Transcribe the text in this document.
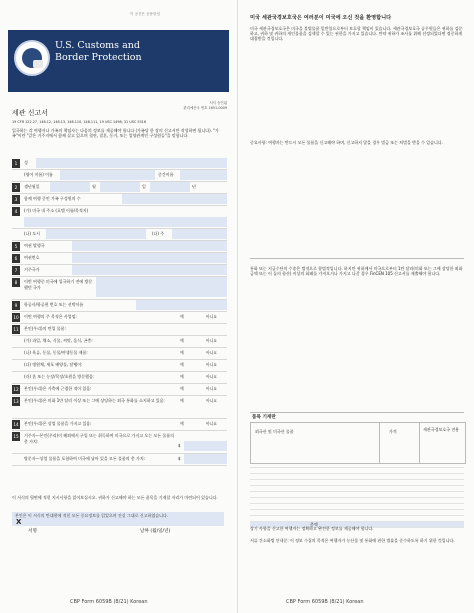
이 공간은 공용란임
U.S. Customs and
Border Protection
세관 신고서
서식 승인됨
관리예산국 번호 1651-0009
19 CFR 122.27, 148.12, 148.13, 148.110, 148.111, 19 USC 1498; 31 USC 5316
입국하는 각 여행자나 가족의 책임자는 다음의 정보를 제공해야 합니다 (가족당 한 장의 신고서만 작성하면 됩니다). "가족"이란 "같은 거주지에서 함께 살고 있으며 혈연, 결혼, 동거, 또는 입양관계인 구성원들"을 말합니다.
1	성
(영어 이름) 이름	중간이름
2	생년월일	월	일	년
3	함께 여행 중인 가족 구성원의 수
4	(가) 미국 내 주소 (호텔 이름/목적지)
(나) 도시	(다) 주
5	여권 발행국
6	여권번호
7	거주국가
8	이번 여행중 미국에 입국하기 전에 방문했던 국가
9	항공사/항공편 번호 또는 선박이름
10	이번 여행의 주 목적은 사업임:	예	아니요
11	본인(우리)의 반입 물품:
(가) 과일, 채소, 식물, 씨앗, 음식, 곤충:	예	아니요
(나) 육류, 동물, 동물/야생동물 제품:	예	아니요
(다) 병원체, 세포 배양물, 달팽이:	예	아니요
(라) 흙 또는 농장/목장/초원을 방문했음:	예	아니요
12	본인(우리)은 가축에 근접한 적이 있음:	예	아니요
13	본인(우리)은 미화 1만 달러 이상 또는 그에 상당하는 외국 통화를 소지하고 있음:	예	아니요
14	본인(우리)은 상업 물품을 가지고 있음:	예	아니요
15	거주자—본인(우리)이 해외에서 구입 또는 취득하여 미국으로 가지고 오는 모든 물품의 총 가치:
$
방문자—상업 물품을 포함하여 미국에 남아 있을 모든 물품의 총 가치:	$
이 서식의 뒷면에 적힌 지시사항을 읽어보십시오. 귀하가 신고해야 하는 모든 품목을 기재할 자리가 마련되어 있습니다.
본인은 이 서식의 반대편에 적힌 모든 중요정보를 읽었으며 진실 그대로 신고하였습니다.
X
서명	날짜 (월/일/년)
CBP Form 6059B (8/21) Korean
미국 세관국경보호국은 여러분이 미국에 오신 것을 환영합니다
미국 세관국경보호국은 미국을 불법물품 밀반입으로부터 보호할 책임이 있습니다. 세관국경보호국 공무원들은 귀하를 검문하고, 귀하 및 귀하의 개인물품을 검색할 수 있는 권한을 가지고 있습니다. 만약 귀하가 조사를 위해 선정되었다면 정중하게 대접받을 것입니다.
중요사항: 여행자는 반드시 모든 물품을 신고해야 하며, 신고하지 않을 경우 벌금 또는 처벌을 받을 수 있습니다.
통화 또는 지급수단의 수송은 법적으로 합법적입니다. 하지만 귀하께서 미국으로부터 1만 달러(미화 또는 그에 상당한 외화금액 또는 이 둘의 합산) 이상의 화폐를 가져오거나 가지고 나갈 경우 FinCEN 105 신고서를 제출해야 합니다.
품목 기재란
외국산 및 미국산 물품	가격	세관국경보호국 전용
총액
상기 사항을 신고한 여행자는 정확하고 완전한 정보를 제공해야 합니다.
서류 간소화법 안내문: 이 정보 수집의 목적은 여행자가 농산물 및 통화에 관한 법률을 준수하도록 하기 위한 것입니다.
CBP Form 6059B (8/21) Korean
